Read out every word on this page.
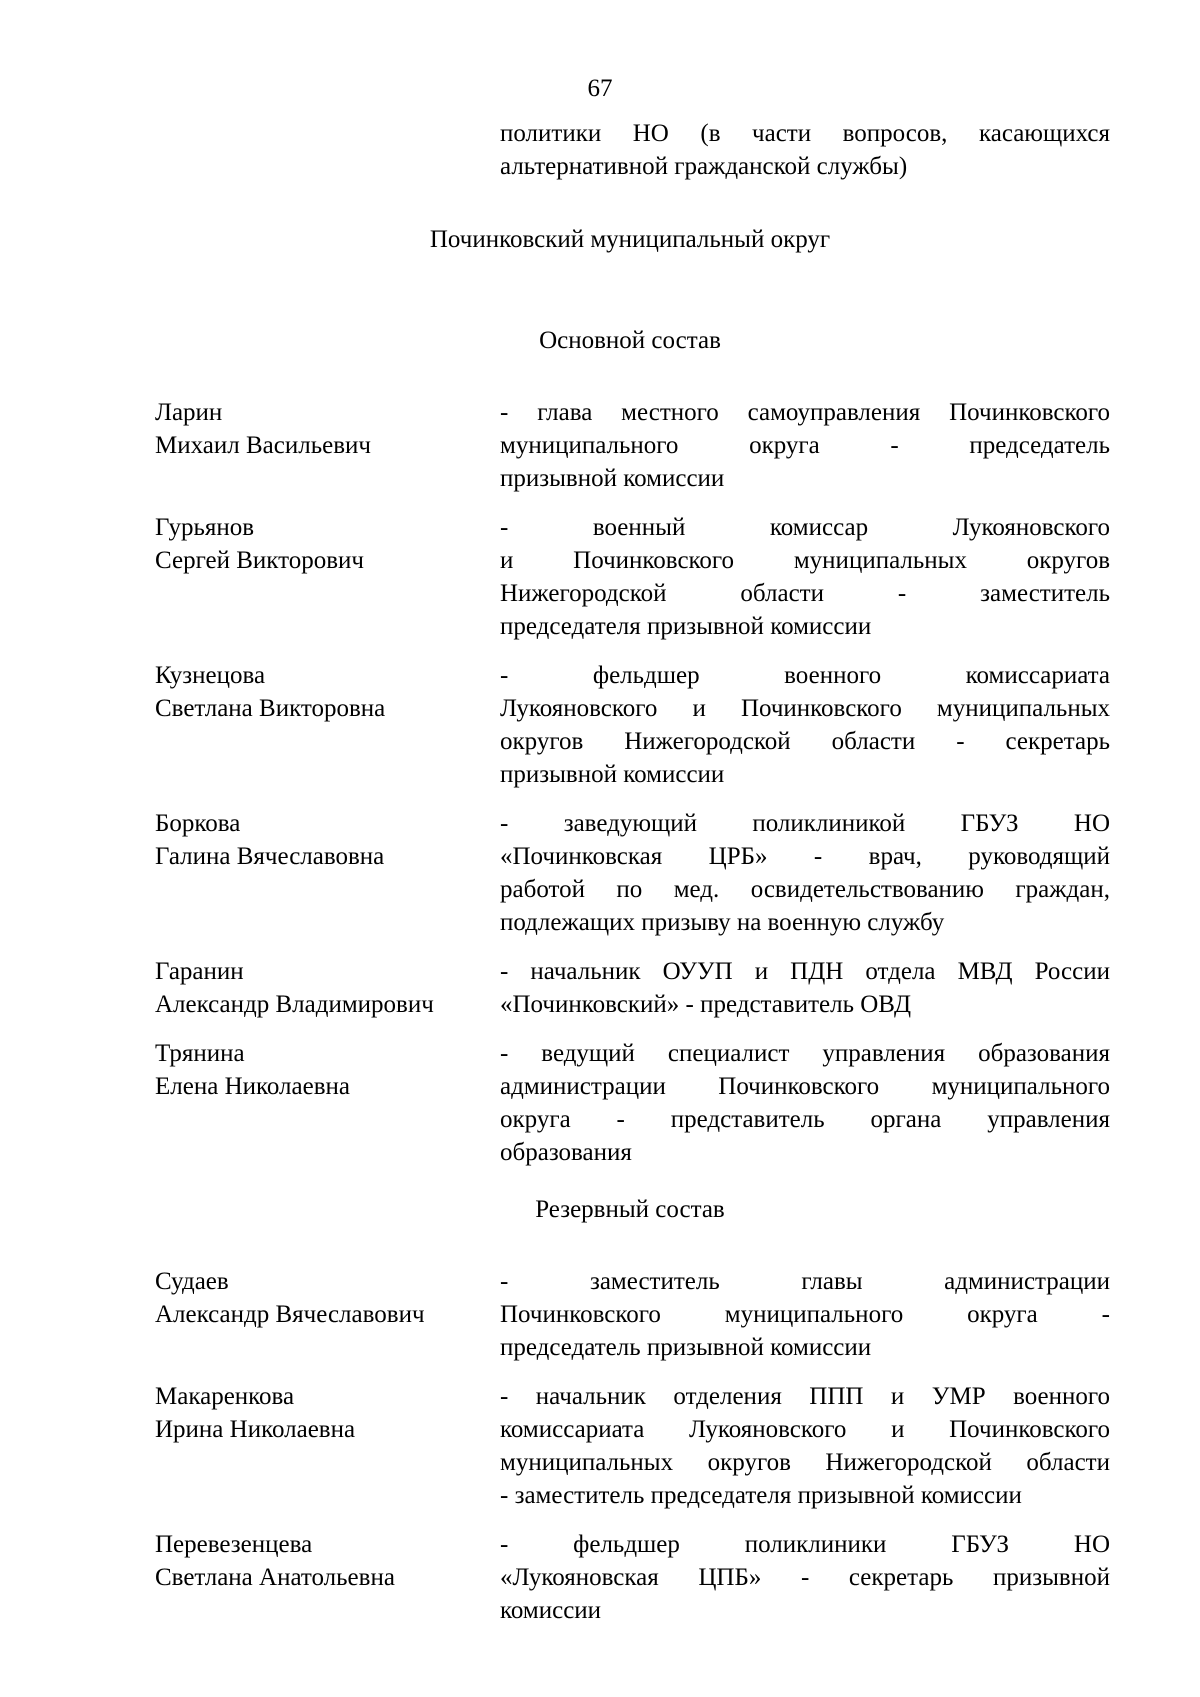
67
политики НО (в части вопросов, касающихся
альтернативной гражданской службы)
Починковский муниципальный округ
Основной состав
Ларин
Михаил Васильевич
- глава местного самоуправления Починковского
муниципального округа - председатель
призывной комиссии
Гурьянов
Сергей Викторович
- военный комиссар Лукояновского
и Починковского муниципальных округов
Нижегородской области - заместитель
председателя призывной комиссии
Кузнецова
Светлана Викторовна
- фельдшер военного комиссариата
Лукояновского и Починковского муниципальных
округов Нижегородской области - секретарь
призывной комиссии
Боркова
Галина Вячеславовна
- заведующий поликлиникой ГБУЗ НО
«Починковская ЦРБ» - врач, руководящий
работой по мед. освидетельствованию граждан,
подлежащих призыву на военную службу
Гаранин
Александр Владимирович
- начальник ОУУП и ПДН отдела МВД России
«Починковский» - представитель ОВД
Трянина
Елена Николаевна
- ведущий специалист управления образования
администрации Починковского муниципального
округа - представитель органа управления
образования
Резервный состав
Судаев
Александр Вячеславович
- заместитель главы администрации
Починковского муниципального округа -
председатель призывной комиссии
Макаренкова
Ирина Николаевна
- начальник отделения ППП и УМР военного
комиссариата Лукояновского и Починковского
муниципальных округов Нижегородской области
- заместитель председателя призывной комиссии
Перевезенцева
Светлана Анатольевна
- фельдшер поликлиники ГБУЗ НО
«Лукояновская ЦПБ» - секретарь призывной
комиссии
